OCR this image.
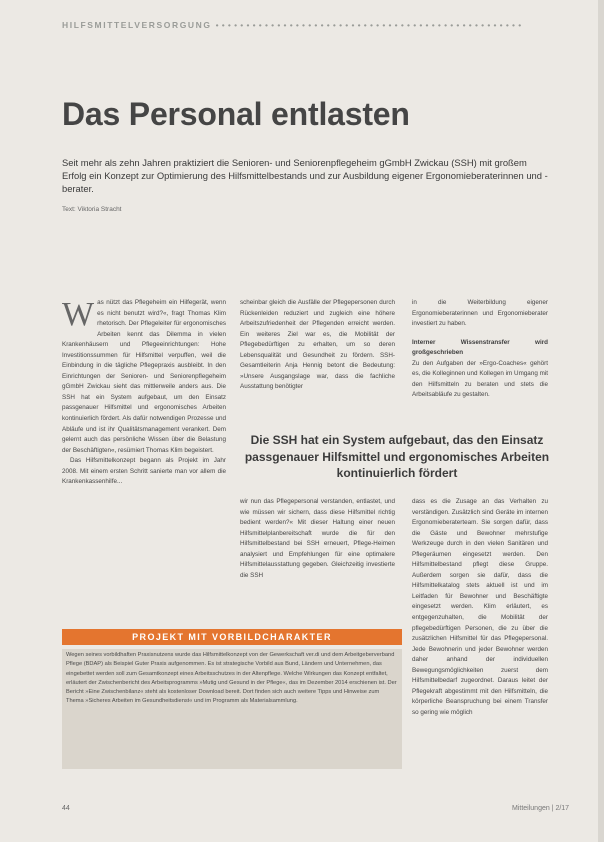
HILFSMITTELVERSORGUNG ••••••••••••••••••••••••••••••••••••••••••••••••••
Das Personal entlasten
Seit mehr als zehn Jahren praktiziert die Senioren- und Seniorenpflegeheim gGmbH Zwickau (SSH) mit großem Erfolg ein Konzept zur Optimierung des Hilfsmittelbestands und zur Ausbildung eigener Ergonomieberaterinnen und -berater.
Text: Viktoria Stracht
W as nützt das Pflegeheim ein Hilfegerät, wenn es nicht benutzt wird?«, fragt Thomas Klim rhetorisch. Der Pflegeleiter für ergonomisches Arbeiten kennt das Dilemma in vielen Krankenhäusern und Pflegeeinrichtungen: Hohe Investitionssummen für Hilfsmittel verpuffen, weil die Einbindung in die tägliche Pflegepraxis ausbleibt. In den Einrichtungen der Senioren- und Seniorenpflegeheim gGmbH Zwickau sieht das mittlerweile anders aus. Die SSH hat ein System aufgebaut, um den Einsatz passgenauer Hilfsmittel und ergonomisches Arbeiten kontinuierlich fördert. Als dafür notwendigen Prozesse und Abläufe und ist ihr Qualitätsmanagement verankert. Dem gelernt auch das persönliche Wissen über die Belastung der Beschäftigten«, resümiert Thomas Klim begeistert.

Das Hilfsmittelkonzept begann als Projekt im Jahr 2008. Mit einem ersten Schritt sanierte man vor allem die Krankenkassenhilfe...

scheinbar gleich die Ausfälle der Pflegepersonen durch Rückenleiden reduziert und zugleich eine höhere Arbeitszufriedenheit der Pflegenden erreicht werden. Ein weiteres Ziel war es, die Mobilität der Pflegebedürftigen zu erhalten, um so deren Lebensqualität und Gesundheit zu fördern. SSH-Gesamtleiterin Anja Hennig betont die Bedeutung: »Unsere Ausgangslage war, dass die fachliche Ausstattung benötigter

in die Weiterbildung eigener Ergonomieberaterinnen und Ergonomieberater investiert zu haben.

Interner Wissenstransfer wird großgeschrieben

Zu den Aufgaben der »Ergo-Coaches« gehört es, die Kolleginnen und Kollegen im Umgang mit den Hilfsmitteln zu beraten und stets die Arbeitsabläufe zu gestalten.

Die SSH hat ein System aufgebaut, das den Einsatz passgenauer Hilfsmittel und ergonomisches Arbeiten kontinuierlich fördert

wir nun das Pflegepersonal verstanden, entlastet, und wie müssen wir sichern, dass diese Hilfsmittel richtig bedient werden?« Mit dieser Haltung einer neuen Hilfsmittelplanbereitschaft wurde die für den Hilfsmittelbestand bei SSH erneuert, Pflege-Heimen analysiert und Empfehlungen für eine optimalere Hilfsmittelausstattung gegeben. Gleichzeitig investierte die SSH

dass es die Zusage an das Verhalten zu verständigen. Zusätzlich sind Geräte im internen Ergonomieberaterteam. Sie sorgen dafür, dass die Gäste und Bewohner mehrstufige Werkzeuge durch in den vielen Sanitären und Pflegeräumen eingesetzt werden. Den Hilfsmittelbestand pflegt diese Gruppe. Außerdem sorgen sie dafür, dass die Hilfsmittelkatalog stets aktuell ist und im Leitfaden für Bewohner und Beschäftigte eingesetzt werden. Klim erläutert, es entgegenzuhalten, die Mobilität der pflegebedürftigen Personen, die zu über die zusätzlichen Hilfsmittel für das Pflegepersonal. Jede Bewohnerin und jeder Bewohner werden daher anhand der individuellen Bewegungsmöglichkeiten zuerst dem Hilfsmittelbedarf zugeordnet. Daraus leitet der Pflegekraft abgestimmt mit den Hilfsmitteln, die körperliche Beanspruchung bei einem Transfer so gering wie möglich

PROJEKT MIT VORBILDCHARAKTER
Wegen seines vorbildhaften Praxisnutzens wurde das Hilfsmittelkonzept von der Gewerkschaft ver.di und dem Arbeitgeberverband Pflege (BDAP) als Beispiel Guter Praxis aufgenommen. Es ist strategische Vorbild aus Bund, Ländern und Unternehmen, das eingebettet werden soll zum Gesamtkonzept eines Arbeitsschutzes in der Altenpflege. Welche Wirkungen das Konzept entfaltet, erläutert der Zwischenbericht des Arbeitsprogramms »Mutig und Gesund in der Pflege«, das im Dezember 2014 erschienen ist. Der Bericht »Eine Zwischenbilanz« steht als kostenloser Download bereit. Dort finden sich auch weitere Tipps und Hinweise zum Thema »Sicheres Arbeiten im Gesundheitsdienst« und im Programm als Materialsammlung.
44	Mitteilungen | 2/17
